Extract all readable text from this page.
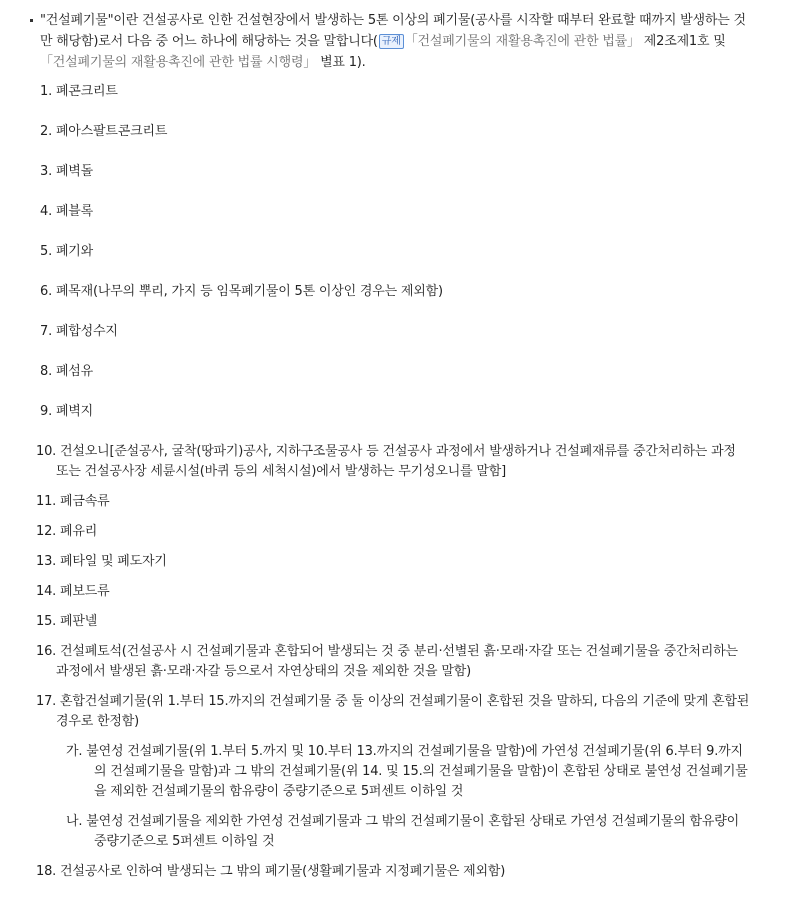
"건설폐기물"이란 건설공사로 인한 건설현장에서 발생하는 5톤 이상의 폐기물(공사를 시작할 때부터 완료할 때까지 발생하는 것
만 해당함)로서 다음 중 어느 하나에 해당하는 것을 말합니다( 규제 「건설폐기물의 재활용촉진에 관한 법률」 제2조제1호 및
「건설폐기물의 재활용촉진에 관한 법률 시행령」 별표 1).
1. 폐콘크리트
2. 폐아스팔트콘크리트
3. 폐벽돌
4. 폐블록
5. 폐기와
6. 폐목재(나무의 뿌리, 가지 등 임목폐기물이 5톤 이상인 경우는 제외함)
7. 폐합성수지
8. 폐섬유
9. 폐벽지
10. 건설오니[준설공사, 굴착(땅파기)공사, 지하구조물공사 등 건설공사 과정에서 발생하거나 건설폐재류를 중간처리하는 과정
또는 건설공사장 세륜시설(바퀴 등의 세척시설)에서 발생하는 무기성오니를 말함]
11. 폐금속류
12. 폐유리
13. 폐타일 및 폐도자기
14. 폐보드류
15. 폐판넬
16. 건설폐토석(건설공사 시 건설폐기물과 혼합되어 발생되는 것 중 분리·선별된 흙·모래·자갈 또는 건설폐기물을 중간처리하는
과정에서 발생된 흙·모래·자갈 등으로서 자연상태의 것을 제외한 것을 말함)
17. 혼합건설폐기물(위 1.부터 15.까지의 건설폐기물 중 둘 이상의 건설폐기물이 혼합된 것을 말하되, 다음의 기준에 맞게 혼합된
경우로 한정함)
가. 불연성 건설폐기물(위 1.부터 5.까지 및 10.부터 13.까지의 건설폐기물을 말함)에 가연성 건설폐기물(위 6.부터 9.까지
의 건설폐기물을 말함)과 그 밖의 건설폐기물(위 14. 및 15.의 건설폐기물을 말함)이 혼합된 상태로 불연성 건설폐기물
을 제외한 건설폐기물의 함유량이 중량기준으로 5퍼센트 이하일 것
나. 불연성 건설폐기물을 제외한 가연성 건설폐기물과 그 밖의 건설폐기물이 혼합된 상태로 가연성 건설폐기물의 함유량이
중량기준으로 5퍼센트 이하일 것
18. 건설공사로 인하여 발생되는 그 밖의 폐기물(생활폐기물과 지정폐기물은 제외함)
